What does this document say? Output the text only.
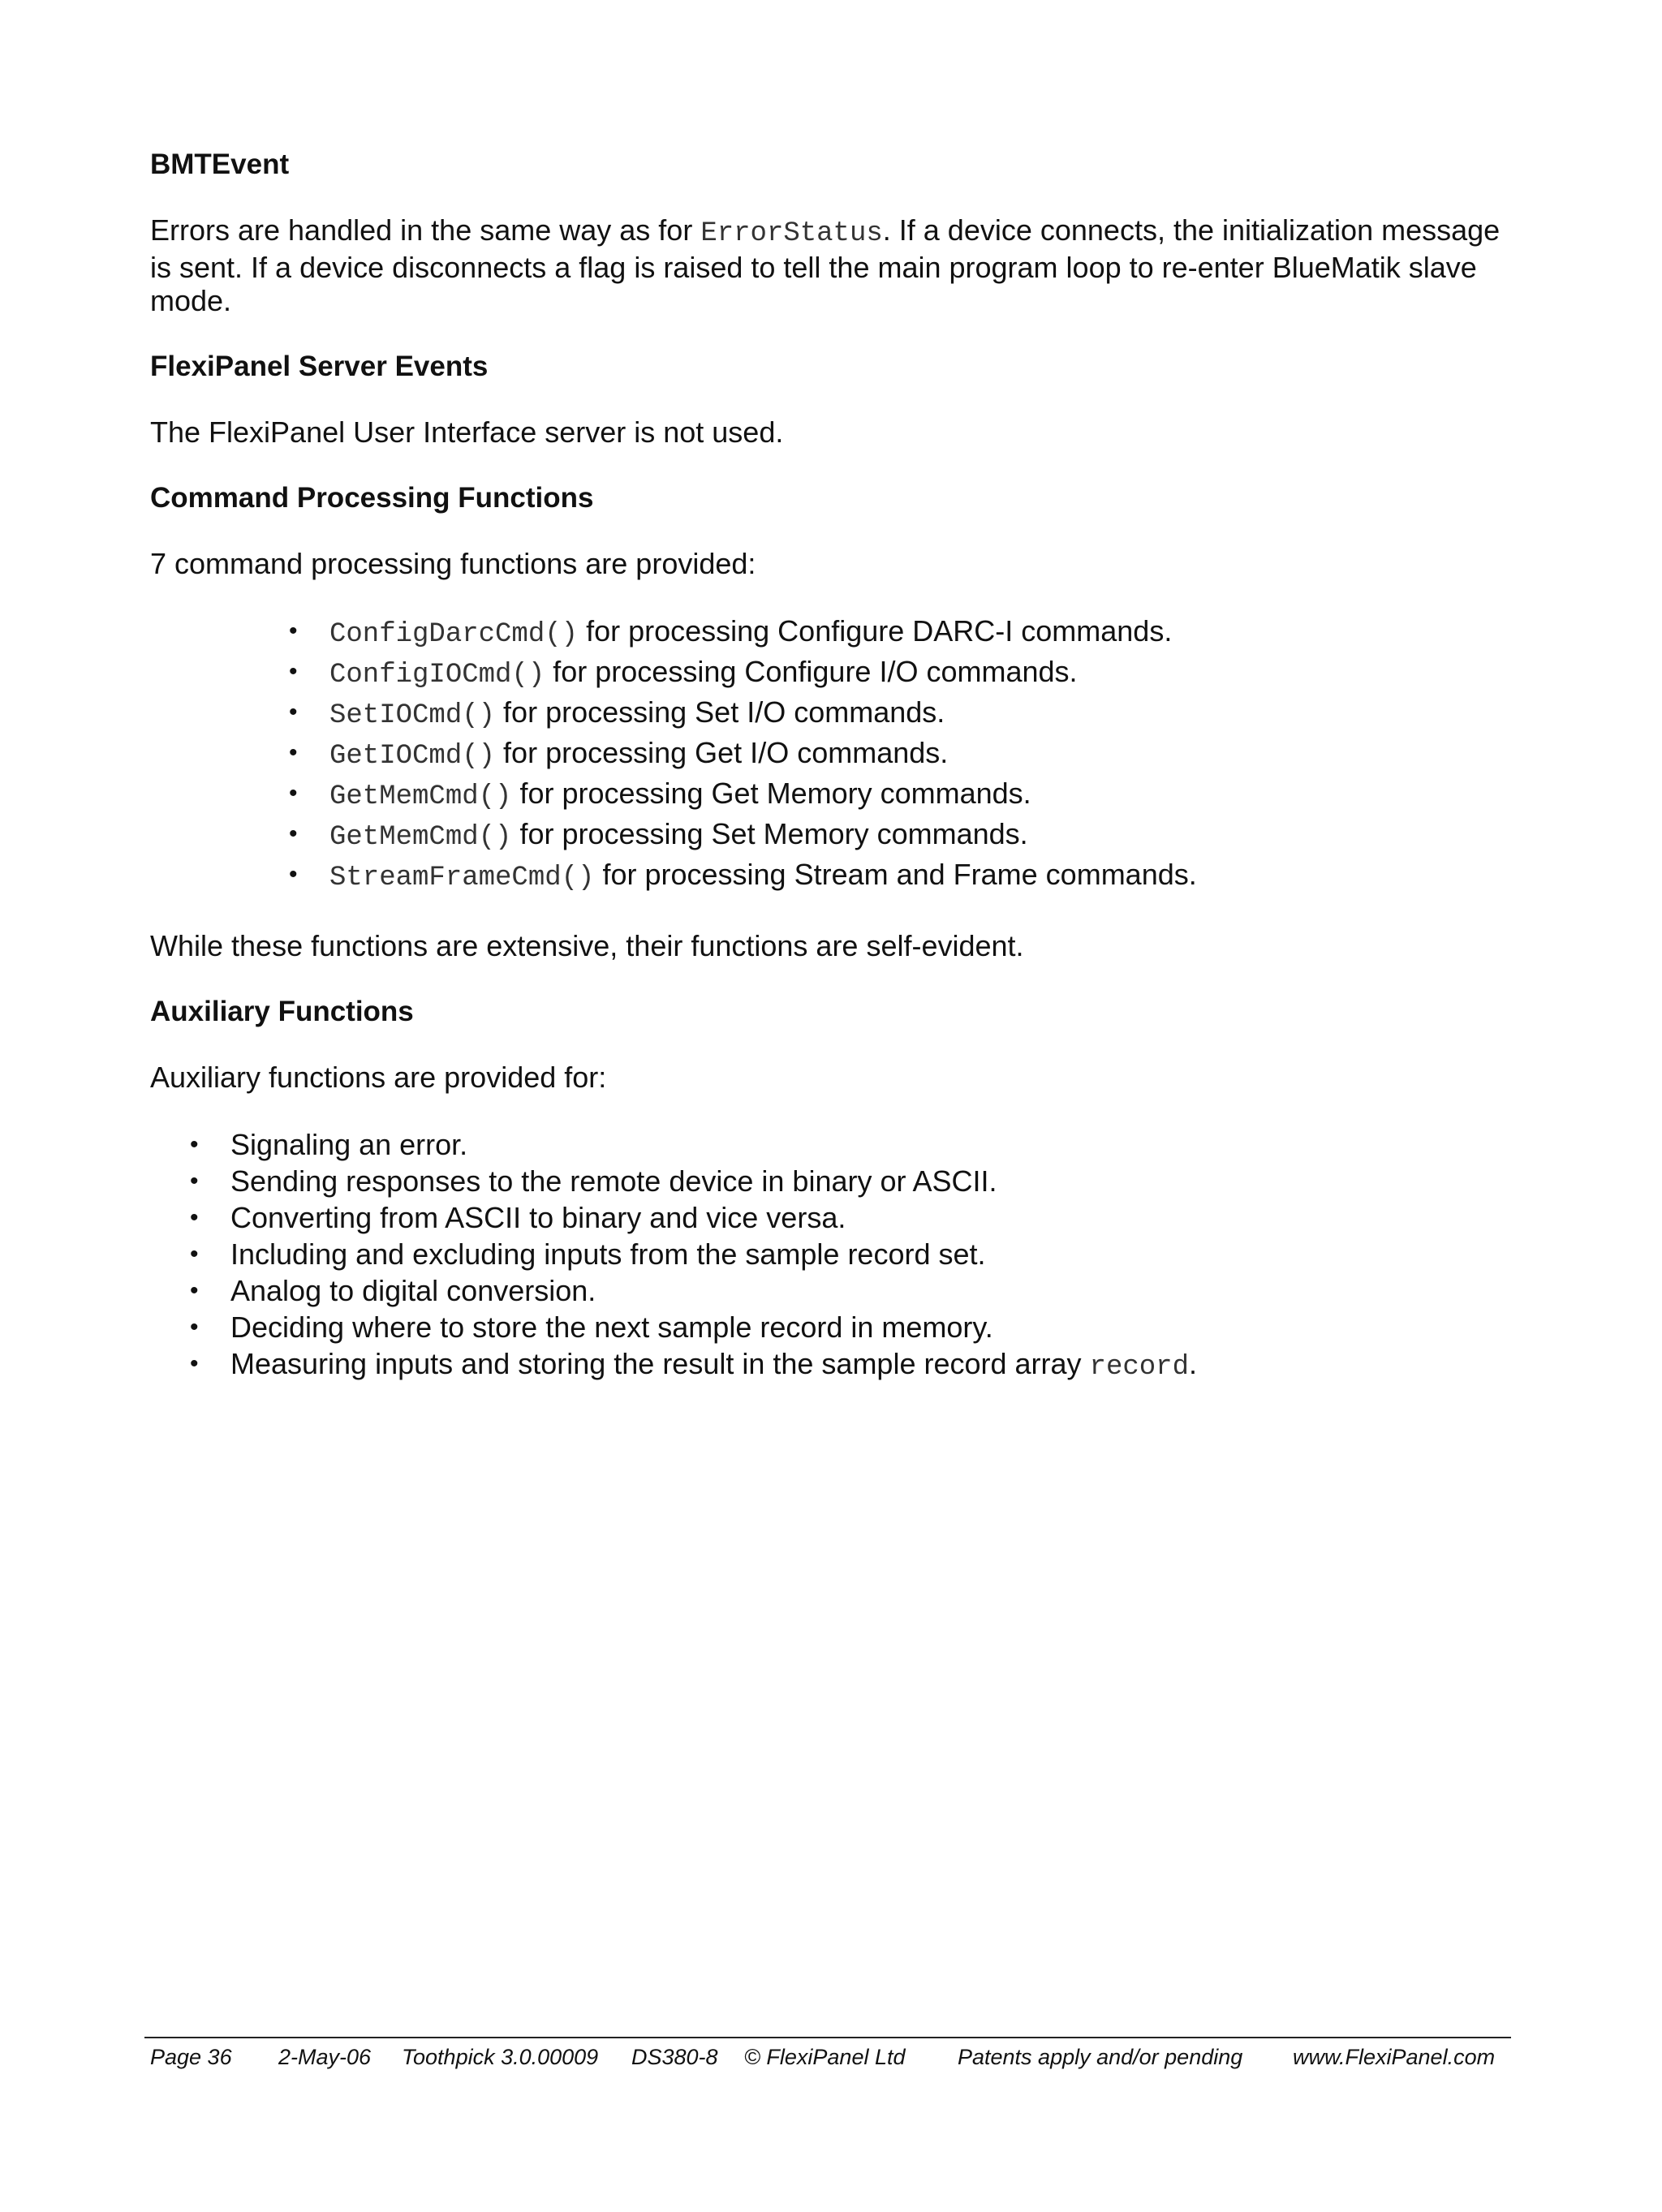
BMTEvent
Errors are handled in the same way as for ErrorStatus. If a device connects, the initialization message is sent. If a device disconnects a flag is raised to tell the main program loop to re-enter BlueMatik slave mode.
FlexiPanel Server Events
The FlexiPanel User Interface server is not used.
Command Processing Functions
7 command processing functions are provided:
• ConfigDarcCmd() for processing Configure DARC-I commands.
• ConfigIOCmd() for processing Configure I/O commands.
• SetIOCmd() for processing Set I/O commands.
• GetIOCmd() for processing Get I/O commands.
• GetMemCmd() for processing Get Memory commands.
• GetMemCmd() for processing Set Memory commands.
• StreamFrameCmd() for processing Stream and Frame commands.
While these functions are extensive, their functions are self-evident.
Auxiliary Functions
Auxiliary functions are provided for:
• Signaling an error.
• Sending responses to the remote device in binary or ASCII.
• Converting from ASCII to binary and vice versa.
• Including and excluding inputs from the sample record set.
• Analog to digital conversion.
• Deciding where to store the next sample record in memory.
• Measuring inputs and storing the result in the sample record array record.
Page 36 2-May-06 Toothpick 3.0.00009 DS380-8 © FlexiPanel Ltd Patents apply and/or pending www.FlexiPanel.com
